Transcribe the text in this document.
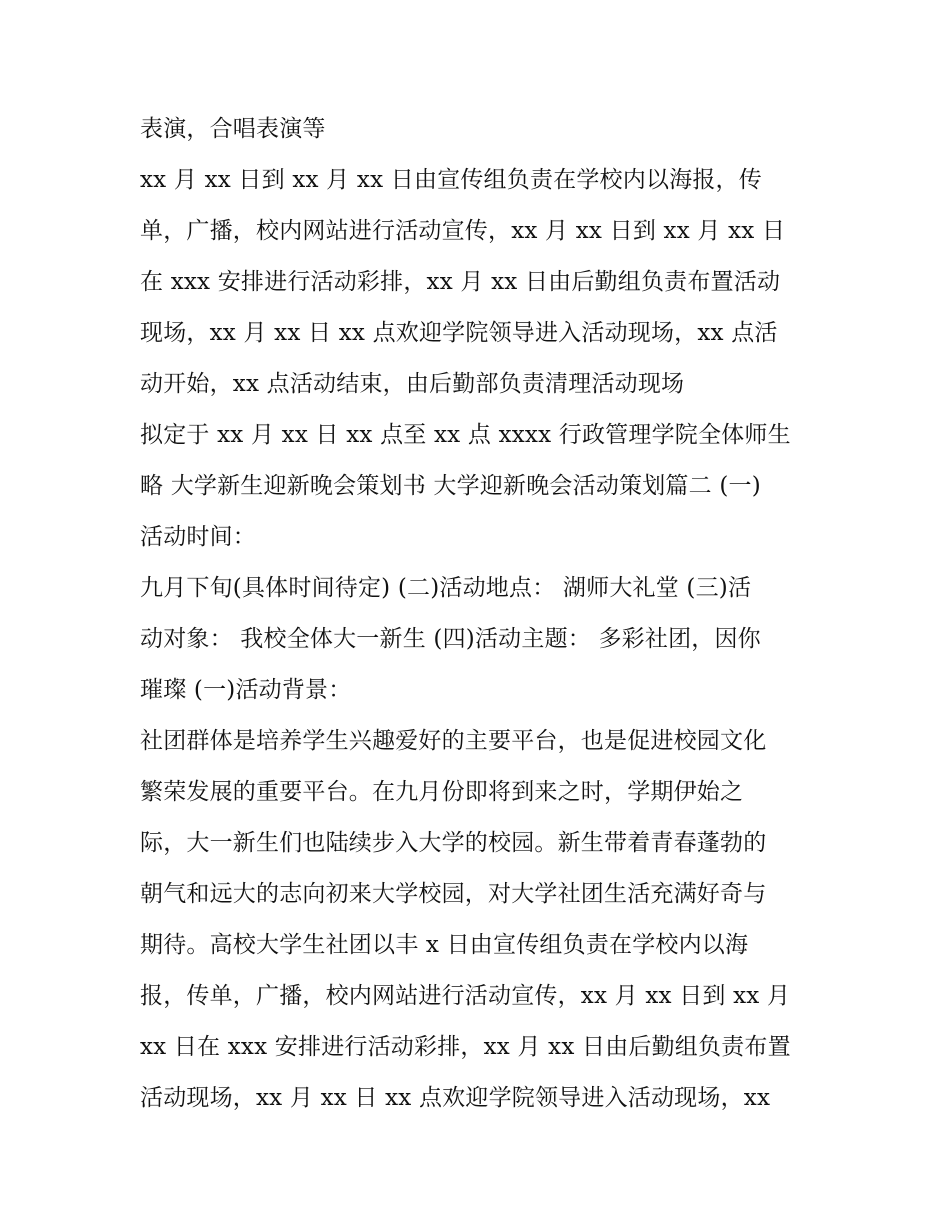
表演，合唱表演等
xx 月 xx 日到 xx 月 xx 日由宣传组负责在学校内以海报，传
单，广播，校内网站进行活动宣传，xx 月 xx 日到 xx 月 xx 日
在 xxx 安排进行活动彩排，xx 月 xx 日由后勤组负责布置活动
现场，xx 月 xx 日 xx 点欢迎学院领导进入活动现场，xx 点活
动开始，xx 点活动结束，由后勤部负责清理活动现场
拟定于 xx 月 xx 日 xx 点至 xx 点 xxxx 行政管理学院全体师生
略 大学新生迎新晚会策划书 大学迎新晚会活动策划篇二 (一)
活动时间：
九月下旬(具体时间待定) (二)活动地点： 湖师大礼堂 (三)活
动对象： 我校全体大一新生 (四)活动主题： 多彩社团，因你
璀璨 (一)活动背景：
社团群体是培养学生兴趣爱好的主要平台，也是促进校园文化
繁荣发展的重要平台。在九月份即将到来之时，学期伊始之
际，大一新生们也陆续步入大学的校园。新生带着青春蓬勃的
朝气和远大的志向初来大学校园，对大学社团生活充满好奇与
期待。高校大学生社团以丰 x 日由宣传组负责在学校内以海
报，传单，广播，校内网站进行活动宣传，xx 月 xx 日到 xx 月
xx 日在 xxx 安排进行活动彩排，xx 月 xx 日由后勤组负责布置
活动现场，xx 月 xx 日 xx 点欢迎学院领导进入活动现场，xx
